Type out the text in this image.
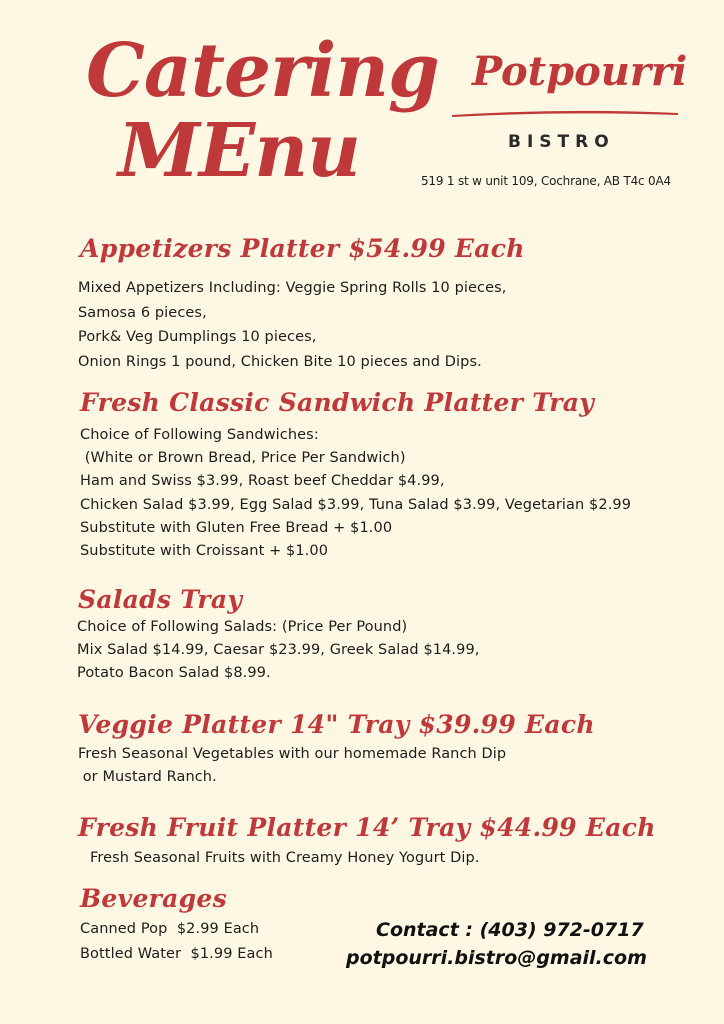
Catering
MEnu
Potpourri
BISTRO
519 1 st w unit 109, Cochrane, AB T4c 0A4
Appetizers Platter $54.99 Each
Mixed Appetizers Including: Veggie Spring Rolls 10 pieces,
Samosa 6 pieces,
Pork& Veg Dumplings 10 pieces,
Onion Rings 1 pound, Chicken Bite 10 pieces and Dips.
Fresh Classic Sandwich Platter Tray
Choice of Following Sandwiches:
(White or Brown Bread, Price Per Sandwich)
Ham and Swiss $3.99, Roast beef Cheddar $4.99,
Chicken Salad $3.99, Egg Salad $3.99, Tuna Salad $3.99, Vegetarian $2.99
Substitute with Gluten Free Bread + $1.00
Substitute with Croissant + $1.00
Salads Tray
Choice of Following Salads: (Price Per Pound)
Mix Salad $14.99, Caesar $23.99, Greek Salad $14.99,
Potato Bacon Salad $8.99.
Veggie Platter 14" Tray $39.99 Each
Fresh Seasonal Vegetables with our homemade Ranch Dip
or Mustard Ranch.
Fresh Fruit Platter 14’ Tray $44.99 Each
Fresh Seasonal Fruits with Creamy Honey Yogurt Dip.
Beverages
Canned Pop  $2.99 Each
Bottled Water  $1.99 Each
Contact : (403) 972-0717
potpourri.bistro@gmail.com
